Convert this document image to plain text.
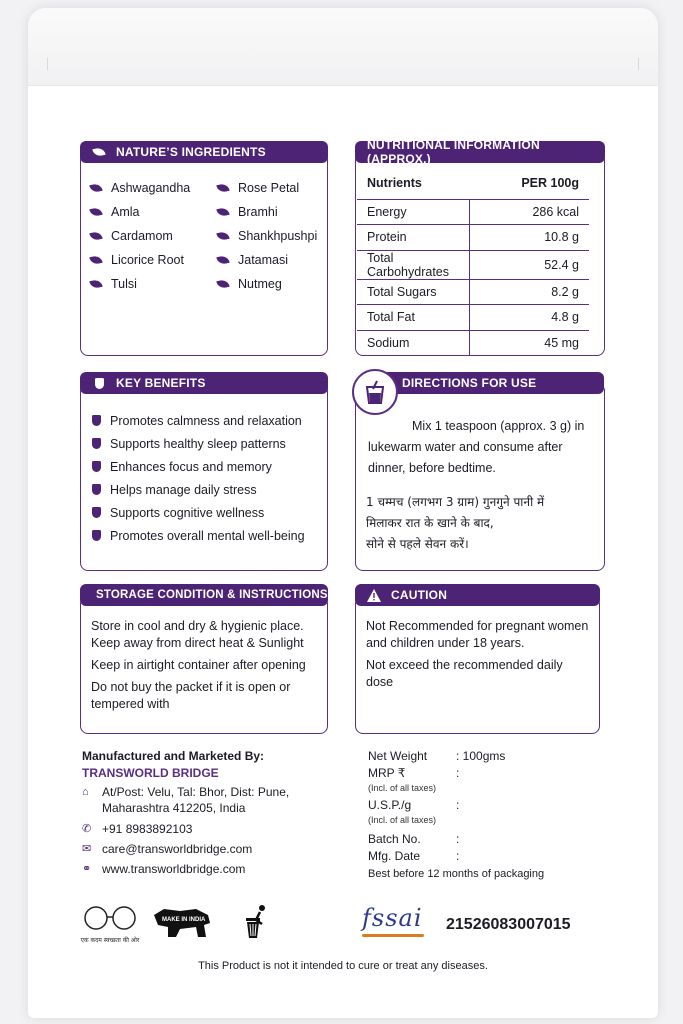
NATURE’S INGREDIENTS
Ashwagandha
Amla
Cardamom
Licorice Root
Tulsi
Rose Petal
Bramhi
Shankhpushpi
Jatamasi
Nutmeg
NUTRITIONAL INFORMATION (APPROX.)
Nutrients	PER 100g
Energy	286 kcal
Protein	10.8 g
Total Carbohydrates	52.4 g
Total Sugars	8.2 g
Total Fat	4.8 g
Sodium	45 mg
KEY BENEFITS
Promotes calmness and relaxation
Supports healthy sleep patterns
Enhances focus and memory
Helps manage daily stress
Supports cognitive wellness
Promotes overall mental well-being
DIRECTIONS FOR USE
Mix 1 teaspoon (approx. 3 g) in
lukewarm water and consume after
dinner, before bedtime.
1 चम्मच (लगभग 3 ग्राम) गुनगुने पानी में
मिलाकर रात के खाने के बाद,
सोने से पहले सेवन करें।
STORAGE CONDITION & INSTRUCTIONS
Store in cool and dry & hygienic place. Keep away from direct heat & Sunlight
Keep in airtight container after opening
Do not buy the packet if it is open or tempered with
CAUTION
Not Recommended for pregnant women and children under 18 years.
Not exceed the recommended daily dose
Manufactured and Marketed By:
TRANSWORLD BRIDGE
⌂	At/Post: Velu, Tal: Bhor, Dist: Pune,
Maharashtra 412205, India
✆ +91 8983892103
✉ care@transworldbridge.com
⚭ www.transworldbridge.com
Net Weight	: 100gms
MRP ₹	:
(Incl. of all taxes)
U.S.P./g	:
(Incl. of all taxes)
Batch No.	:
Mfg. Date	:
Best before 12 months of packaging
एक कदम स्वच्छता की ओर
MAKE IN INDIA	fssai	21526083007015
This Product is not it intended to cure or treat any diseases.
